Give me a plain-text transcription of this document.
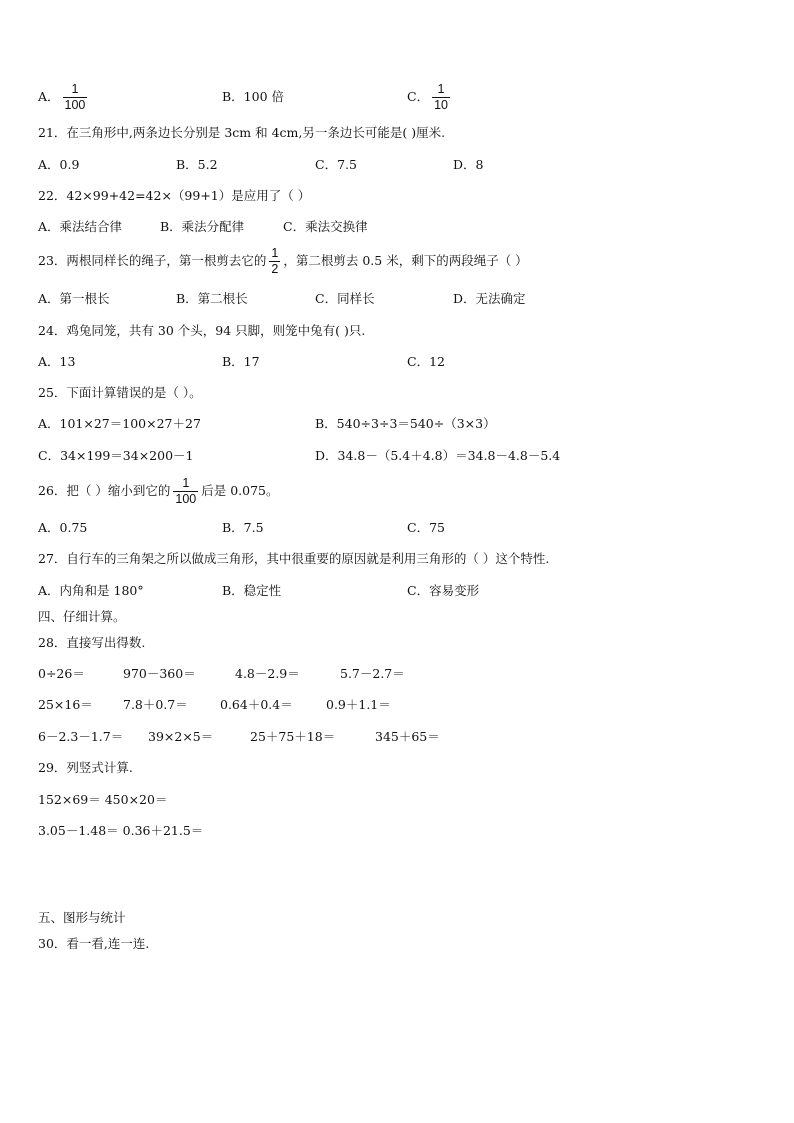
A． $\frac{1}{100}$	B．100 倍	C． $\frac{1}{10}$
21．在三角形中,两条边长分别是 3cm 和 4cm,另一条边长可能是( )厘米.
A．0.9	B．5.2	C．7.5	D．8
22．42×99+42=42×（99+1）是应用了（ ）
A．乘法结合律	B．乘法分配律	C．乘法交换律
23．两根同样长的绳子，第一根剪去它的 $\frac{1}{2}$ ，第二根剪去 0.5 米，剩下的两段绳子（ ）
A．第一根长	B．第二根长	C．同样长	D．无法确定
24．鸡兔同笼，共有 30 个头，94 只脚，则笼中兔有( )只.
A．13	B．17	C．12
25．下面计算错误的是（ ）。
A．101×27＝100×27＋27	B．540÷3÷3＝540÷（3×3）
C．34×199＝34×200－1	D．34.8－（5.4＋4.8）＝34.8－4.8－5.4
26．把（ ）缩小到它的 $\frac{1}{100}$ 后是 0.075。
A．0.75	B．7.5	C．75
27．自行车的三角架之所以做成三角形，其中很重要的原因就是利用三角形的（ ）这个特性.
A．内角和是 180°	B．稳定性	C．容易变形
四、仔细计算。
28．直接写出得数.
0÷26＝	970－360＝	4.8－2.9＝	5.7－2.7＝
25×16＝ 7.8＋0.7＝	0.64＋0.4＝	0.9＋1.1＝
6－2.3－1.7＝ 39×2×5＝	25＋75＋18＝	345＋65＝
29．列竖式计算.
152×69＝ 450×20＝
3.05－1.48＝ 0.36＋21.5＝
五、图形与统计
30．看一看,连一连.
